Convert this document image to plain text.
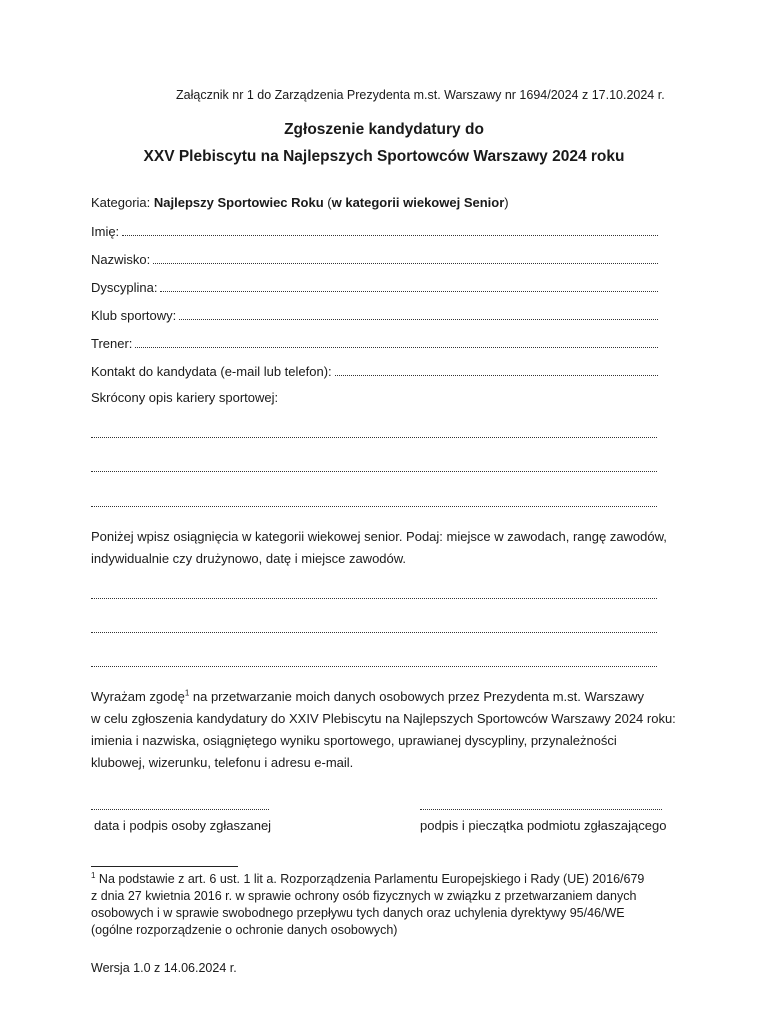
Załącznik nr 1 do Zarządzenia Prezydenta m.st. Warszawy nr 1694/2024 z 17.10.2024 r.
Zgłoszenie kandydatury do
XXV Plebiscytu na Najlepszych Sportowców Warszawy 2024 roku
Kategoria: Najlepszy Sportowiec Roku (w kategorii wiekowej Senior)
Imię:
Nazwisko:
Dyscyplina:
Klub sportowy:
Trener:
Kontakt do kandydata (e-mail lub telefon):
Skrócony opis kariery sportowej:
Poniżej wpisz osiągnięcia w kategorii wiekowej senior. Podaj: miejsce w zawodach, rangę zawodów,
indywidualnie czy drużynowo, datę i miejsce zawodów.
Wyrażam zgodę$^1$ na przetwarzanie moich danych osobowych przez Prezydenta m.st. Warszawy
w celu zgłoszenia kandydatury do XXIV Plebiscytu na Najlepszych Sportowców Warszawy 2024 roku:
imienia i nazwiska, osiągniętego wyniku sportowego, uprawianej dyscypliny, przynależności
klubowej, wizerunku, telefonu i adresu e-mail.
data i podpis osoby zgłaszanej	podpis i pieczątka podmiotu zgłaszającego
$^1$ Na podstawie z art. 6 ust. 1 lit a. Rozporządzenia Parlamentu Europejskiego i Rady (UE) 2016/679
z dnia 27 kwietnia 2016 r. w sprawie ochrony osób fizycznych w związku z przetwarzaniem danych
osobowych i w sprawie swobodnego przepływu tych danych oraz uchylenia dyrektywy 95/46/WE
(ogólne rozporządzenie o ochronie danych osobowych)
Wersja 1.0 z 14.06.2024 r.
